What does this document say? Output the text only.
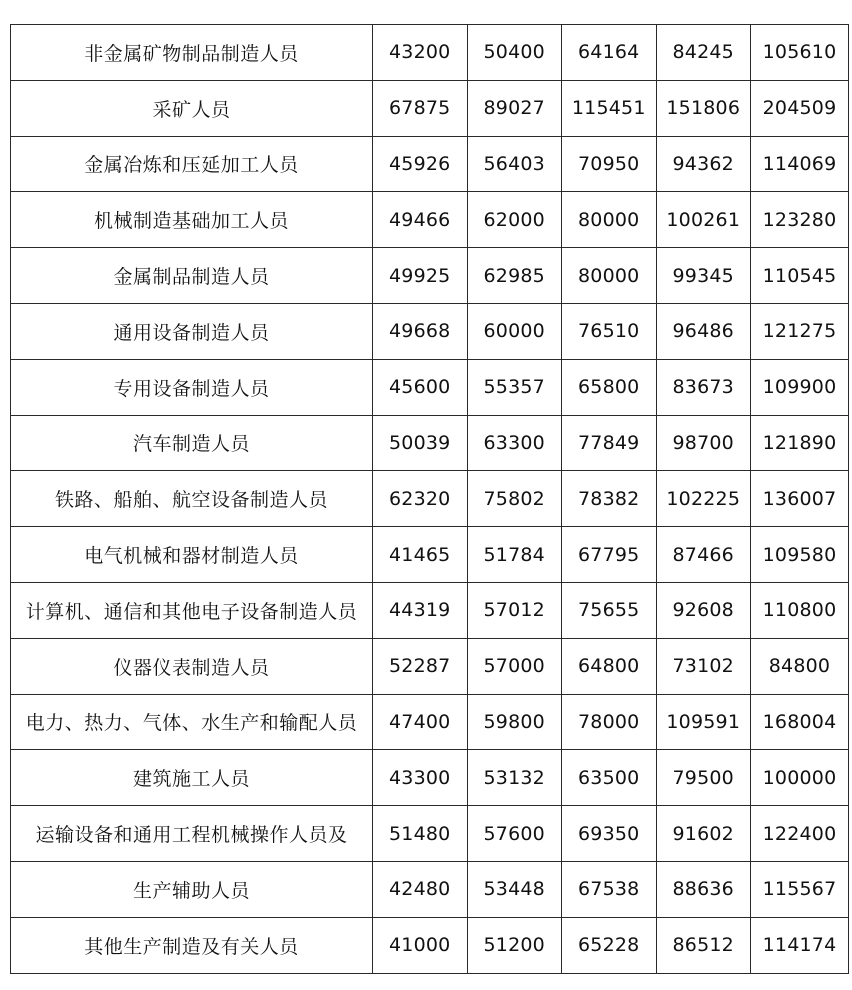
非金属矿物制品制造人员	43200	50400	64164	84245	105610
采矿人员	67875	89027	115451	151806	204509
金属冶炼和压延加工人员	45926	56403	70950	94362	114069
机械制造基础加工人员	49466	62000	80000	100261	123280
金属制品制造人员	49925	62985	80000	99345	110545
通用设备制造人员	49668	60000	76510	96486	121275
专用设备制造人员	45600	55357	65800	83673	109900
汽车制造人员	50039	63300	77849	98700	121890
铁路、船舶、航空设备制造人员	62320	75802	78382	102225	136007
电气机械和器材制造人员	41465	51784	67795	87466	109580
计算机、通信和其他电子设备制造人员	44319	57012	75655	92608	110800
仪器仪表制造人员	52287	57000	64800	73102	84800
电力、热力、气体、水生产和输配人员	47400	59800	78000	109591	168004
建筑施工人员	43300	53132	63500	79500	100000
运输设备和通用工程机械操作人员及	51480	57600	69350	91602	122400
生产辅助人员	42480	53448	67538	88636	115567
其他生产制造及有关人员	41000	51200	65228	86512	114174
